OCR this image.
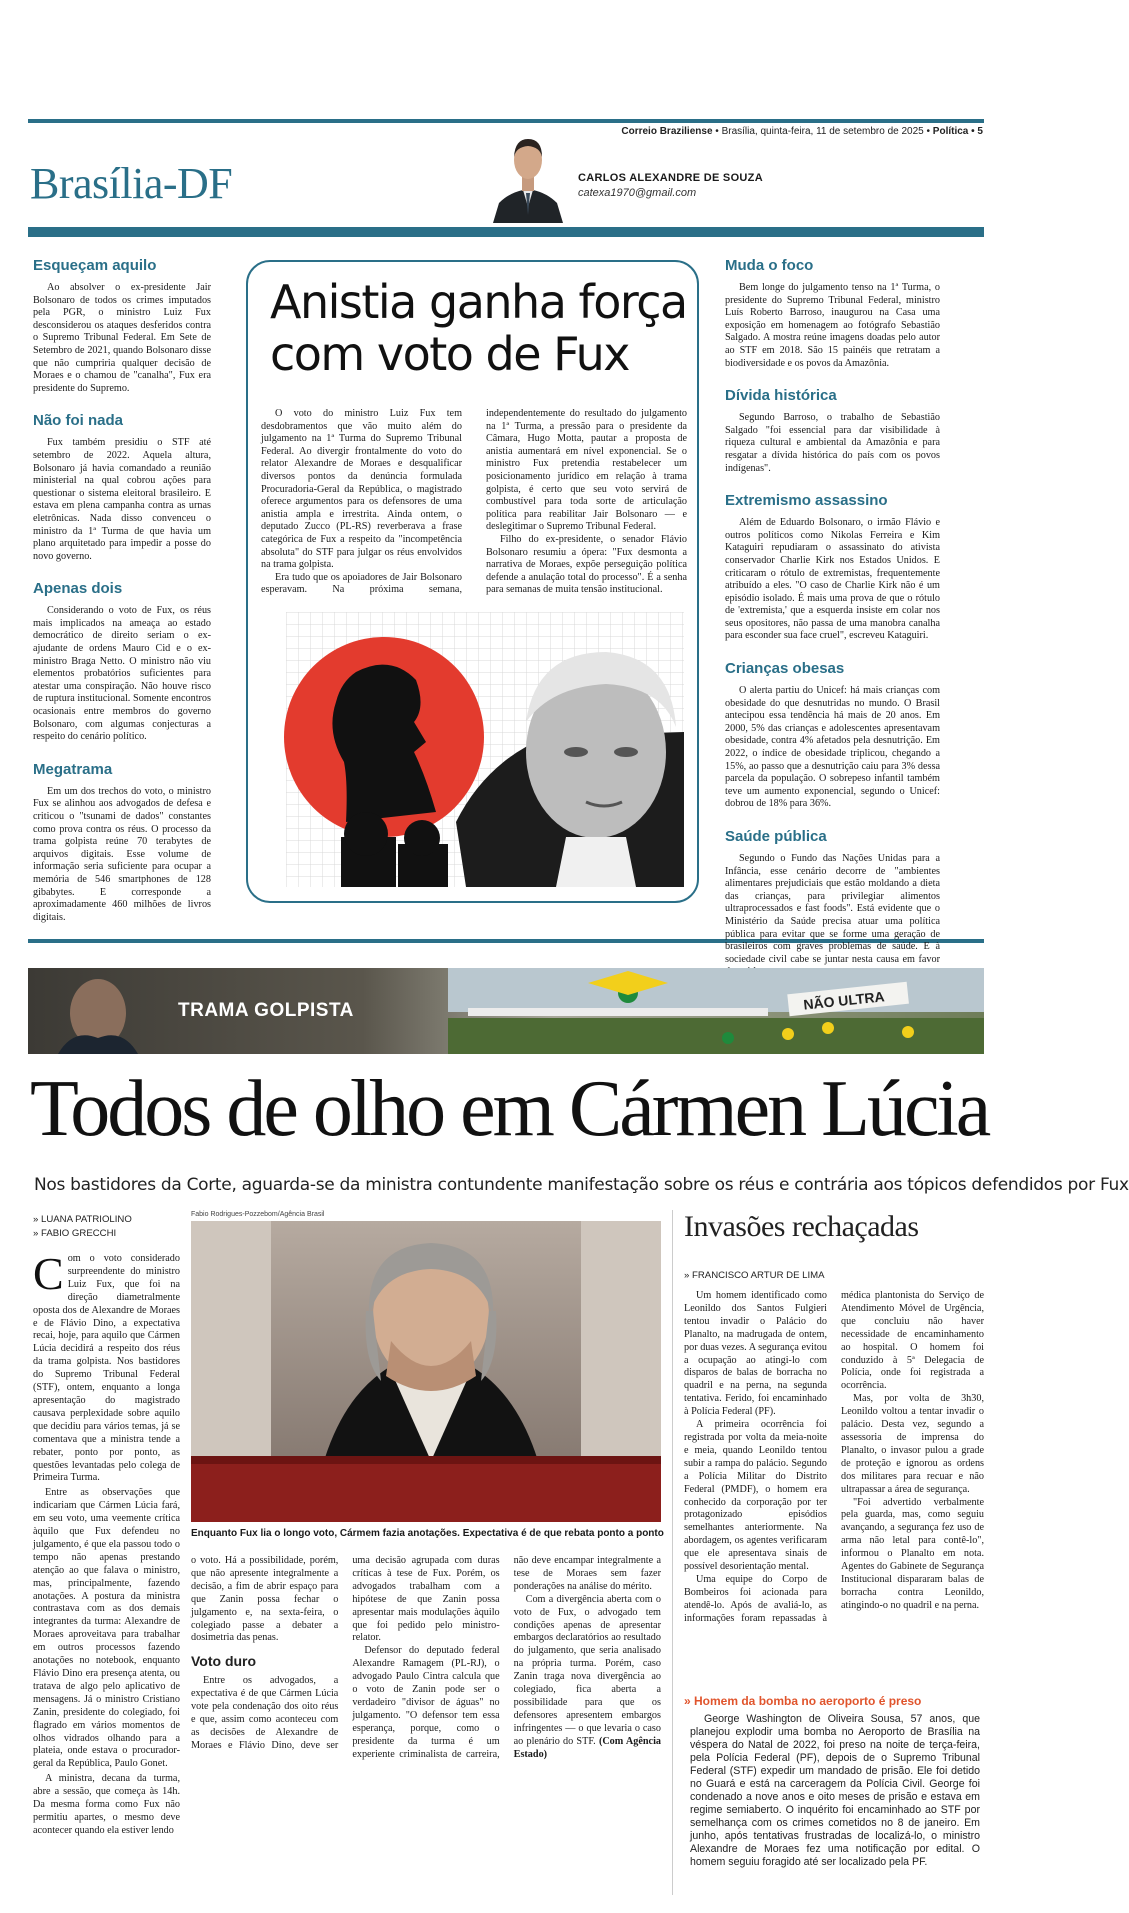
Correio Braziliense • Brasília, quinta-feira, 11 de setembro de 2025 • Política • 5
Brasília-DF	CARLOS ALEXANDRE DE SOUZA
catexa1970@gmail.com
Esqueçam aquilo

Ao absolver o ex-presidente Jair Bolsonaro de todos os crimes imputados pela PGR, o ministro Luiz Fux desconsiderou os ataques desferidos contra o Supremo Tribunal Federal. Em Sete de Setembro de 2021, quando Bolsonaro disse que não cumpriria qualquer decisão de Moraes e o chamou de "canalha", Fux era presidente do Supremo.

Não foi nada

Fux também presidiu o STF até setembro de 2022. Aquela altura, Bolsonaro já havia comandado a reunião ministerial na qual cobrou ações para questionar o sistema eleitoral brasileiro. E estava em plena campanha contra as urnas eletrônicas. Nada disso convenceu o ministro da 1ª Turma de que havia um plano arquitetado para impedir a posse do novo governo.

Apenas dois

Considerando o voto de Fux, os réus mais implicados na ameaça ao estado democrático de direito seriam o ex-ajudante de ordens Mauro Cid e o ex-ministro Braga Netto. O ministro não viu elementos probatórios suficientes para atestar uma conspiração. Não houve risco de ruptura institucional. Somente encontros ocasionais entre membros do governo Bolsonaro, com algumas conjecturas a respeito do cenário político.

Megatrama

Em um dos trechos do voto, o ministro Fux se alinhou aos advogados de defesa e criticou o "tsunami de dados" constantes como prova contra os réus. O processo da trama golpista reúne 70 terabytes de arquivos digitais. Esse volume de informação seria suficiente para ocupar a memória de 546 smartphones de 128 gibabytes. E corresponde a aproximadamente 460 milhões de livros digitais.

Anistia ganha força com voto de Fux

O voto do ministro Luiz Fux tem desdobramentos que vão muito além do julgamento na 1ª Turma do Supremo Tribunal Federal. Ao divergir frontalmente do voto do relator Alexandre de Moraes e desqualificar diversos pontos da denúncia formulada Procuradoria-Geral da República, o magistrado oferece argumentos para os defensores de uma anistia ampla e irrestrita. Ainda ontem, o deputado Zucco (PL-RS) reverberava a frase categórica de Fux a respeito da "incompetência absoluta" do STF para julgar os réus envolvidos na trama golpista.

Era tudo que os apoiadores de Jair Bolsonaro esperavam. Na próxima semana, independentemente do resultado do julgamento na 1ª Turma, a pressão para o presidente da Câmara, Hugo Motta, pautar a proposta de anistia aumentará em nível exponencial. Se o ministro Fux pretendia restabelecer um posicionamento jurídico em relação à trama golpista, é certo que seu voto servirá de combustível para toda sorte de articulação política para reabilitar Jair Bolsonaro — e deslegitimar o Supremo Tribunal Federal.

Filho do ex-presidente, o senador Flávio Bolsonaro resumiu a ópera: "Fux desmonta a narrativa de Moraes, expõe perseguição política defende a anulação total do processo". É a senha para semanas de muita tensão institucional.

Muda o foco

Bem longe do julgamento tenso na 1ª Turma, o presidente do Supremo Tribunal Federal, ministro Luís Roberto Barroso, inaugurou na Casa uma exposição em homenagem ao fotógrafo Sebastião Salgado. A mostra reúne imagens doadas pelo autor ao STF em 2018. São 15 painéis que retratam a biodiversidade e os povos da Amazônia.

Dívida histórica

Segundo Barroso, o trabalho de Sebastião Salgado "foi essencial para dar visibilidade à riqueza cultural e ambiental da Amazônia e para resgatar a dívida histórica do país com os povos indígenas".

Extremismo assassino

Além de Eduardo Bolsonaro, o irmão Flávio e outros políticos como Nikolas Ferreira e Kim Kataguiri repudiaram o assassinato do ativista conservador Charlie Kirk nos Estados Unidos. E criticaram o rótulo de extremistas, frequentemente atribuído a eles. "O caso de Charlie Kirk não é um episódio isolado. É mais uma prova de que o rótulo de 'extremista,' que a esquerda insiste em colar nos seus opositores, não passa de uma manobra canalha para esconder sua face cruel", escreveu Kataguiri.

Crianças obesas

O alerta partiu do Unicef: há mais crianças com obesidade do que desnutridas no mundo. O Brasil antecipou essa tendência há mais de 20 anos. Em 2000, 5% das crianças e adolescentes apresentavam obesidade, contra 4% afetados pela desnutrição. Em 2022, o índice de obesidade triplicou, chegando a 15%, ao passo que a desnutrição caiu para 3% dessa parcela da população. O sobrepeso infantil também teve um aumento exponencial, segundo o Unicef: dobrou de 18% para 36%.

Saúde pública

Segundo o Fundo das Nações Unidas para a Infância, esse cenário decorre de "ambientes alimentares prejudiciais que estão moldando a dieta das crianças, para privilegiar alimentos ultraprocessados e fast foods". Está evidente que o Ministério da Saúde precisa atuar uma política pública para evitar que se forme uma geração de brasileiros com graves problemas de saúde. E à sociedade civil cabe se juntar nesta causa em favor

NÃO ULTRA
TRAMA GOLPISTA
Todos de olho em Cármen Lúcia
Nos bastidores da Corte, aguarda-se da ministra contundente manifestação sobre os réus e contrária aos tópicos defendidos por Fux
» LUANA PATRIOLINO
» FABIO GRECCHI
Fabio Rodrigues-Pozzebom/Agência Brasil
Enquanto Fux lia o longo voto, Cármem fazia anotações. Expectativa é de que rebata ponto a ponto

Com o voto considerado surpreendente do ministro Luiz Fux, que foi na direção diametralmente oposta dos de Alexandre de Moraes e de Flávio Dino, a expectativa recai, hoje, para aquilo que Cármen Lúcia decidirá a respeito dos réus da trama golpista. Nos bastidores do Supremo Tribunal Federal (STF), ontem, enquanto a longa apresentação do magistrado causava perplexidade sobre aquilo que decidiu para vários temas, já se comentava que a ministra tende a rebater, ponto por ponto, as questões levantadas pelo colega de Primeira Turma.

Entre as observações que indicariam que Cármen Lúcia fará, em seu voto, uma veemente crítica àquilo que Fux defendeu no julgamento, é que ela passou todo o tempo não apenas prestando atenção ao que falava o ministro, mas, principalmente, fazendo anotações. A postura da ministra contrastava com as dos demais integrantes da turma: Alexandre de Moraes aproveitava para trabalhar em outros processos fazendo anotações no notebook, enquanto Flávio Dino era presença atenta, ou tratava de algo pelo aplicativo de mensagens. Já o ministro Cristiano Zanin, presidente do colegiado, foi flagrado em vários momentos de olhos vidrados olhando para a plateia, onde estava o procurador-geral da República, Paulo Gonet.

A ministra, decana da turma, abre a sessão, que começa às 14h. Da mesma forma como Fux não permitiu apartes, o mesmo deve acontecer quando ela estiver lendo

o voto. Há a possibilidade, porém, que não apresente integralmente a decisão, a fim de abrir espaço para que Zanin possa fechar o julgamento e, na sexta-feira, o colegiado passe a debater a dosimetria das penas.

Voto duro

Entre os advogados, a expectativa é de que Cármen Lúcia vote pela condenação dos oito réus e que, assim como aconteceu com as decisões de Alexandre de Moraes e Flávio Dino, deve ser uma decisão agrupada com duras críticas à tese de Fux. Porém, os advogados trabalham com a hipótese de que Zanin possa apresentar mais modulações àquilo que foi pedido pelo ministro-relator.

Defensor do deputado federal Alexandre Ramagem (PL-RJ), o advogado Paulo Cintra calcula que o voto de Zanin pode ser o verdadeiro "divisor de águas" no julgamento. "O defensor tem essa esperança, porque, como o presidente da turma é um experiente criminalista de carreira, não deve encampar integralmente a tese de Moraes sem fazer ponderações na análise do mérito.

Com a divergência aberta com o voto de Fux, o advogado tem condições apenas de apresentar embargos declaratórios ao resultado do julgamento, que seria analisado na própria turma. Porém, caso Zanin traga nova divergência ao colegiado, fica aberta a possibilidade para que os defensores apresentem embargos infringentes — o que levaria o caso ao plenário do STF. (Com Agência Estado)

Invasões rechaçadas
» FRANCISCO ARTUR DE LIMA

Um homem identificado como Leonildo dos Santos Fulgieri tentou invadir o Palácio do Planalto, na madrugada de ontem, por duas vezes. A segurança evitou a ocupação ao atingi-lo com disparos de balas de borracha no quadril e na perna, na segunda tentativa. Ferido, foi encaminhado à Polícia Federal (PF).

A primeira ocorrência foi registrada por volta da meia-noite e meia, quando Leonildo tentou subir a rampa do palácio. Segundo a Polícia Militar do Distrito Federal (PMDF), o homem era conhecido da corporação por ter protagonizado episódios semelhantes anteriormente. Na abordagem, os agentes verificaram que ele apresentava sinais de possível desorientação mental.

Uma equipe do Corpo de Bombeiros foi acionada para atendê-lo. Após de avaliá-lo, as informações foram repassadas à médica plantonista do Serviço de Atendimento Móvel de Urgência, que concluiu não haver necessidade de encaminhamento ao hospital. O homem foi conduzido à 5ª Delegacia de Polícia, onde foi registrada a ocorrência.

Mas, por volta de 3h30, Leonildo voltou a tentar invadir o palácio. Desta vez, segundo a assessoria de imprensa do Planalto, o invasor pulou a grade de proteção e ignorou as ordens dos militares para recuar e não ultrapassar a área de segurança.

"Foi advertido verbalmente pela guarda, mas, como seguiu avançando, a segurança fez uso de arma não letal para contê-lo", informou o Planalto em nota. Agentes do Gabinete de Segurança Institucional dispararam balas de borracha contra Leonildo, atingindo-o no quadril e na perna.

» Homem da bomba no aeroporto é preso
George Washington de Oliveira Sousa, 57 anos, que planejou explodir uma bomba no Aeroporto de Brasília na véspera do Natal de 2022, foi preso na noite de terça-feira, pela Polícia Federal (PF), depois de o Supremo Tribunal Federal (STF) expedir um mandado de prisão. Ele foi detido no Guará e está na carceragem da Polícia Civil. George foi condenado a nove anos e oito meses de prisão e estava em regime semiaberto. O inquérito foi encaminhado ao STF por semelhança com os crimes cometidos no 8 de janeiro. Em junho, após tentativas frustradas de localizá-lo, o ministro Alexandre de Moraes fez uma notificação por edital. O homem seguiu foragido até ser localizado pela PF.
